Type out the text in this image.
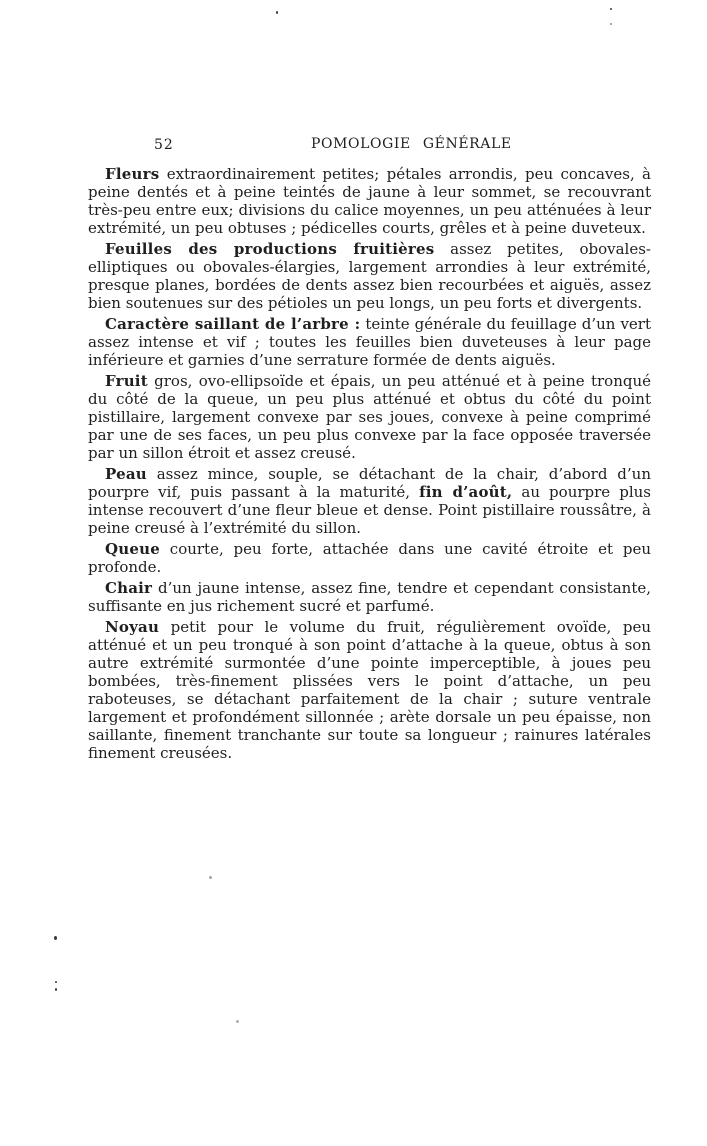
52	POMOLOGIE GÉNÉRALE

Fleurs extraordinairement petites; pétales arrondis, peu concaves, à peine dentés et à peine teintés de jaune à leur sommet, se recouvrant très-peu entre eux; divisions du calice moyennes, un peu atténuées à leur extrémité, un peu obtuses ; pédicelles courts, grêles et à peine duveteux.

Feuilles des productions fruitières assez petites, obovales-elliptiques ou obovales-élargies, largement arrondies à leur extrémité, presque planes, bordées de dents assez bien recourbées et aiguës, assez bien soutenues sur des pétioles un peu longs, un peu forts et divergents.

Caractère saillant de l’arbre : teinte générale du feuillage d’un vert assez intense et vif ; toutes les feuilles bien duveteuses à leur page inférieure et garnies d’une serrature formée de dents aiguës.

Fruit gros, ovo-ellipsoïde et épais, un peu atténué et à peine tronqué du côté de la queue, un peu plus atténué et obtus du côté du point pistillaire, largement convexe par ses joues, convexe à peine comprimé par une de ses faces, un peu plus convexe par la face opposée traversée par un sillon étroit et assez creusé.

Peau assez mince, souple, se détachant de la chair, d’abord d’un pourpre vif, puis passant à la maturité, fin d’août, au pourpre plus intense recouvert d’une fleur bleue et dense. Point pistillaire roussâtre, à peine creusé à l’extrémité du sillon.

Queue courte, peu forte, attachée dans une cavité étroite et peu profonde.

Chair d’un jaune intense, assez fine, tendre et cependant consistante, suffisante en jus richement sucré et parfumé.

Noyau petit pour le volume du fruit, régulièrement ovoïde, peu atténué et un peu tronqué à son point d’attache à la queue, obtus à son autre extrémité surmontée d’une pointe imperceptible, à joues peu bombées, très-finement plissées vers le point d’attache, un peu raboteuses, se détachant parfaitement de la chair ; suture ventrale largement et profondément sillonnée ; arète dorsale un peu épaisse, non saillante, finement tranchante sur toute sa longueur ; rainures latérales finement creusées.
